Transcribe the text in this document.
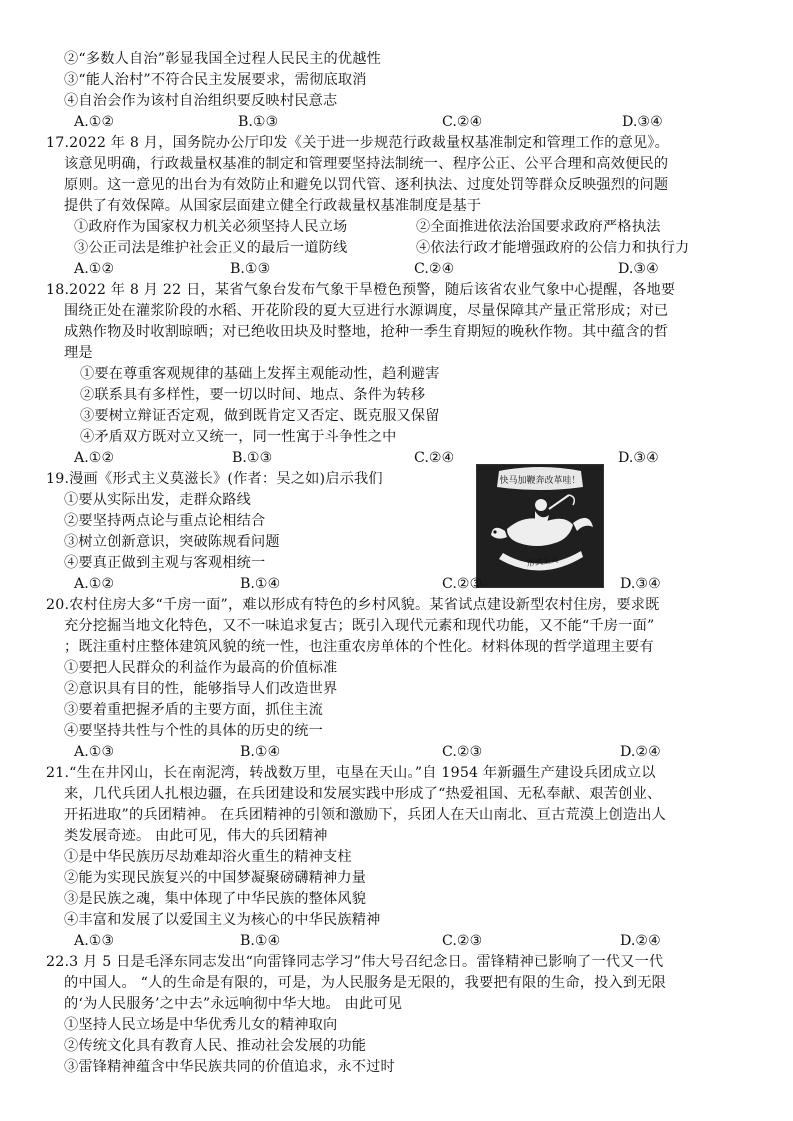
②“多数人自治”彰显我国全过程人民民主的优越性
③“能人治村”不符合民主发展要求，需彻底取消
④自治会作为该村自治组织要反映村民意志
A.①②	B.①③	C.②④	D.③④
17.2022 年 8 月，国务院办公厅印发《关于进一步规范行政裁量权基准制定和管理工作的意见》。
该意见明确，行政裁量权基准的制定和管理要坚持法制统一、程序公正、公平合理和高效便民的
原则。这一意见的出台为有效防止和避免以罚代管、逐利执法、过度处罚等群众反映强烈的问题
提供了有效保障。从国家层面建立健全行政裁量权基准制度是基于
①政府作为国家权力机关必须坚持人民立场	②全面推进依法治国要求政府严格执法
③公正司法是维护社会正义的最后一道防线	④依法行政才能增强政府的公信力和执行力
A.①②	B.①③	C.②④	D.③④
18.2022 年 8 月 22 日，某省气象台发布气象干旱橙色预警，随后该省农业气象中心提醒，各地要
围绕正处在灌浆阶段的水稻、开花阶段的夏大豆进行水源调度，尽量保障其产量正常形成；对已
成熟作物及时收割晾晒；对已绝收田块及时整地，抢种一季生育期短的晚秋作物。其中蕴含的哲
理是
①要在尊重客观规律的基础上发挥主观能动性，趋利避害
②联系具有多样性，要一切以时间、地点、条件为转移
③要树立辩证否定观，做到既肯定又否定、既克服又保留
④矛盾双方既对立又统一，同一性寓于斗争性之中
A.①②	B.①③	C.②④	D.③④
19.漫画《形式主义莫滋长》(作者：吴之如)启示我们
①要从实际出发，走群众路线
②要坚持两点论与重点论相结合
③树立创新意识，突破陈规看问题
④要真正做到主观与客观相统一
快马加鞭奔改革哇！
形式主义
A.①②	B.①④	C.②③	D.③④
20.农村住房大多“千房一面”，难以形成有特色的乡村风貌。某省试点建设新型农村住房，要求既
充分挖掘当地文化特色，又不一味追求复古；既引入现代元素和现代功能，又不能“千房一面”
；既注重村庄整体建筑风貌的统一性，也注重农房单体的个性化。材料体现的哲学道理主要有
①要把人民群众的利益作为最高的价值标准
②意识具有目的性，能够指导人们改造世界
③要着重把握矛盾的主要方面，抓住主流
④要坚持共性与个性的具体的历史的统一
A.①③	B.①④	C.②③	D.②④
21.“生在井冈山，长在南泥湾，转战数万里，屯垦在天山。”自 1954 年新疆生产建设兵团成立以
来，几代兵团人扎根边疆，在兵团建设和发展实践中形成了“热爱祖国、无私奉献、艰苦创业、
开拓进取”的兵团精神。 在兵团精神的引领和激励下，兵团人在天山南北、亘古荒漠上创造出人
类发展奇迹。 由此可见，伟大的兵团精神
①是中华民族历尽劫难却浴火重生的精神支柱
②能为实现民族复兴的中国梦凝聚磅礴精神力量
③是民族之魂，集中体现了中华民族的整体风貌
④丰富和发展了以爱国主义为核心的中华民族精神
A.①③	B.①④	C.②③	D.②④
22.3 月 5 日是毛泽东同志发出“向雷锋同志学习”伟大号召纪念日。雷锋精神已影响了一代又一代
的中国人。 “人的生命是有限的，可是，为人民服务是无限的，我要把有限的生命，投入到无限
的‘为人民服务’之中去”永远响彻中华大地。 由此可见
①坚持人民立场是中华优秀儿女的精神取向
②传统文化具有教育人民、推动社会发展的功能
③雷锋精神蕴含中华民族共同的价值追求，永不过时
